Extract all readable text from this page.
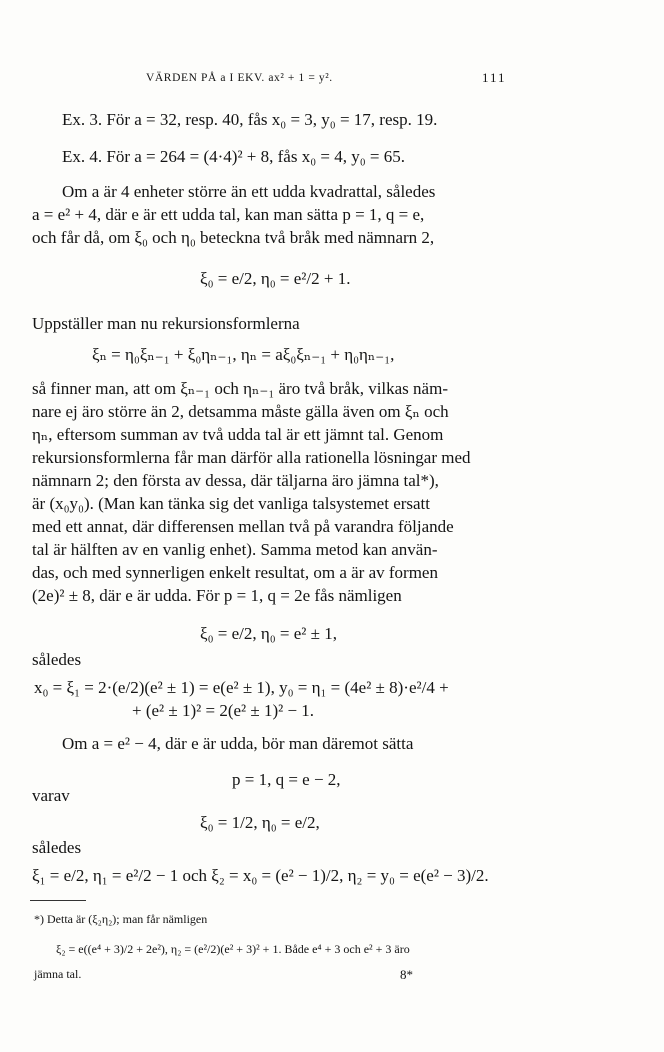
VÄRDEN PÅ a I EKV. ax² + 1 = y².	111
Ex. 3. För a = 32, resp. 40, fås x₀ = 3, y₀ = 17, resp. 19.
Ex. 4. För a = 264 = (4·4)² + 8, fås x₀ = 4, y₀ = 65.
Om a är 4 enheter större än ett udda kvadrattal, således
a = e² + 4, där e är ett udda tal, kan man sätta p = 1, q = e,
och får då, om ξ₀ och η₀ beteckna två bråk med nämnarn 2,
ξ₀ = e/2, η₀ = e²/2 + 1.
Uppställer man nu rekursionsformlerna
ξₙ = η₀ξₙ₋₁ + ξ₀ηₙ₋₁, ηₙ = aξ₀ξₙ₋₁ + η₀ηₙ₋₁,
så finner man, att om ξₙ₋₁ och ηₙ₋₁ äro två bråk, vilkas näm-
nare ej äro större än 2, detsamma måste gälla även om ξₙ och
ηₙ, eftersom summan av två udda tal är ett jämnt tal. Genom
rekursionsformlerna får man därför alla rationella lösningar med
nämnarn 2; den första av dessa, där täljarna äro jämna tal*),
är (x₀y₀). (Man kan tänka sig det vanliga talsystemet ersatt
med ett annat, där differensen mellan två på varandra följande
tal är hälften av en vanlig enhet). Samma metod kan använ-
das, och med synnerligen enkelt resultat, om a är av formen
(2e)² ± 8, där e är udda. För p = 1, q = 2e fås nämligen
ξ₀ = e/2, η₀ = e² ± 1,
således
x₀ = ξ₁ = 2·(e/2)(e² ± 1) = e(e² ± 1), y₀ = η₁ = (4e² ± 8)·e²/4 +
+ (e² ± 1)² = 2(e² ± 1)² − 1.
Om a = e² − 4, där e är udda, bör man däremot sätta
p = 1, q = e − 2,
varav
ξ₀ = 1/2, η₀ = e/2,
således
ξ₁ = e/2, η₁ = e²/2 − 1 och ξ₂ = x₀ = (e² − 1)/2, η₂ = y₀ = e(e² − 3)/2.
*) Detta är (ξ₂η₂); man får nämligen
ξ₂ = e((e⁴ + 3)/2 + 2e²), η₂ = (e²/2)(e² + 3)² + 1. Både e⁴ + 3 och e² + 3 äro
jämna tal.	8*
